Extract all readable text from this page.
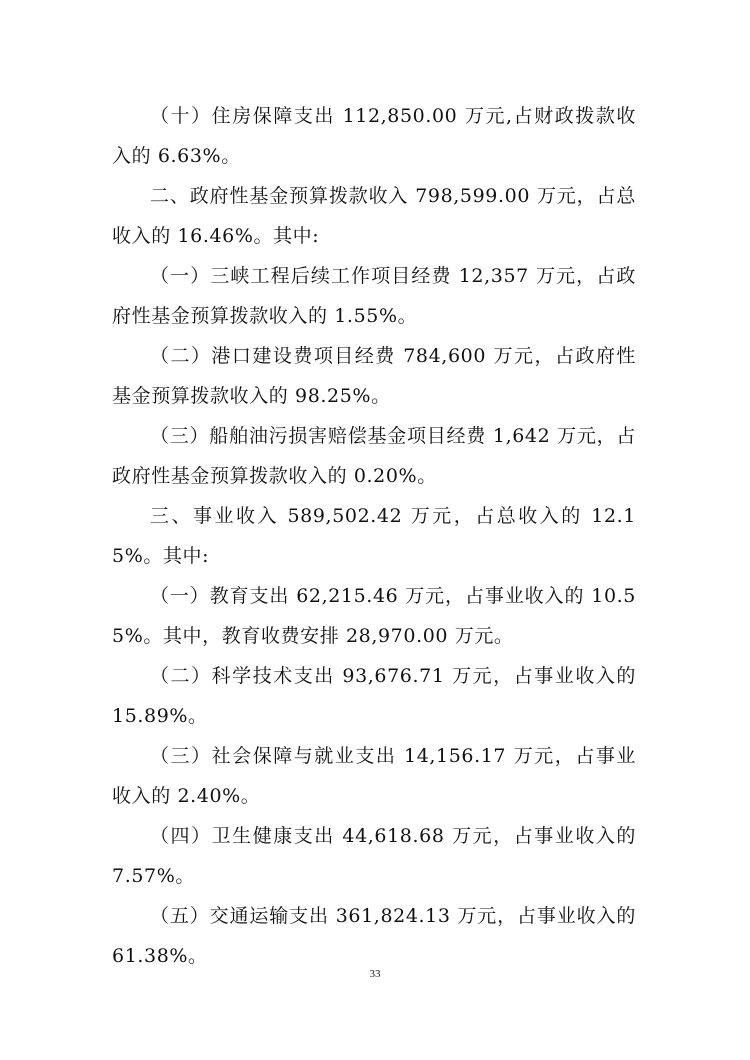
（十）住房保障支出 112,850.00 万元,占财政拨款收入的 6.63%。

二、政府性基金预算拨款收入 798,599.00 万元，占总收入的 16.46%。其中:

（一）三峡工程后续工作项目经费 12,357 万元，占政府性基金预算拨款收入的 1.55%。

（二）港口建设费项目经费 784,600 万元，占政府性基金预算拨款收入的 98.25%。

（三）船舶油污损害赔偿基金项目经费 1,642 万元，占政府性基金预算拨款收入的 0.20%。

三、事业收入 589,502.42 万元，占总收入的 12.15%。其中:

（一）教育支出 62,215.46 万元，占事业收入的 10.55%。其中，教育收费安排 28,970.00 万元。

（二）科学技术支出 93,676.71 万元，占事业收入的 15.89%。

（三）社会保障与就业支出 14,156.17 万元，占事业收入的 2.40%。

（四）卫生健康支出 44,618.68 万元，占事业收入的 7.57%。

（五）交通运输支出 361,824.13 万元，占事业收入的 61.38%。

33
